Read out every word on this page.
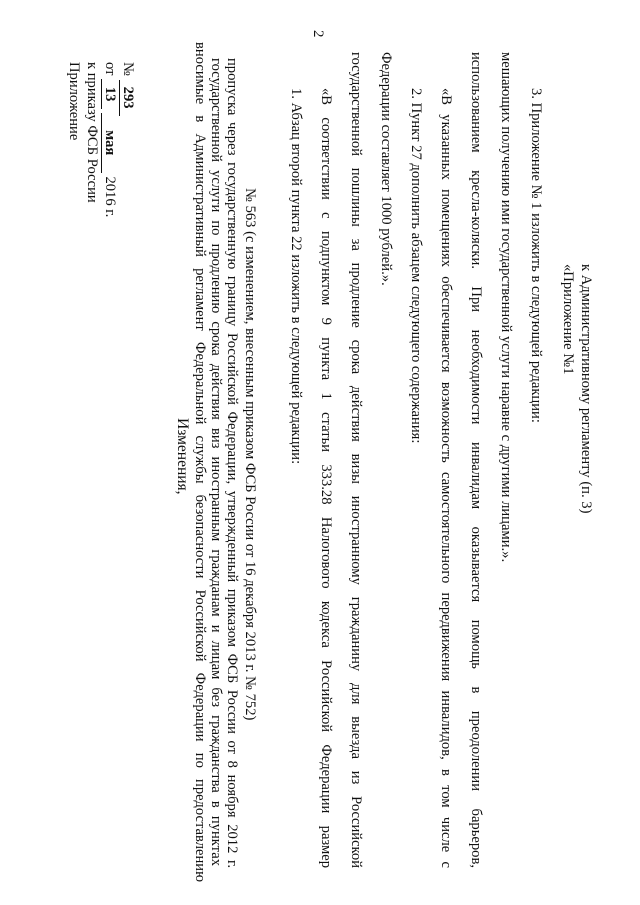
2
Приложение к приказу ФСБ России от 13 мая 2016 г.
№ 293
Изменения, вносимые в Административный регламент Федеральной службы безопасности Российской Федерации по предоставлению государственной услуги по продлению срока действия виз иностранным гражданам и лицам без гражданства в пунктах пропуска через государственную границу Российской Федерации, утвержденный приказом ФСБ России от 8 ноября 2012 г. № 563 (с изменением, внесенным приказом ФСБ России от 16 декабря 2013 г. № 752) 1. Абзац второй пункта 22 изложить в следующей редакции: «В соответствии с подпунктом 9 пункта 1 статьи 333.28 Налогового кодекса Российской Федерации размер государственной пошлины за продление срока действия визы иностранному гражданину для выезда из Российской Федерации составляет 1000 рублей.». 2. Пункт 27 дополнить абзацем следующего содержания: «В указанных помещениях обеспечивается возможность самостоятельного передвижения инвалидов, в том числе с использованием кресла-коляски. При необходимости инвалидам оказывается помощь в преодолении барьеров, мешающих получению ими государственной услуги наравне с другими лицами.». 3. Приложение № 1 изложить в следующей редакции: «Приложение №1 к Административному регламенту (п. 3)
